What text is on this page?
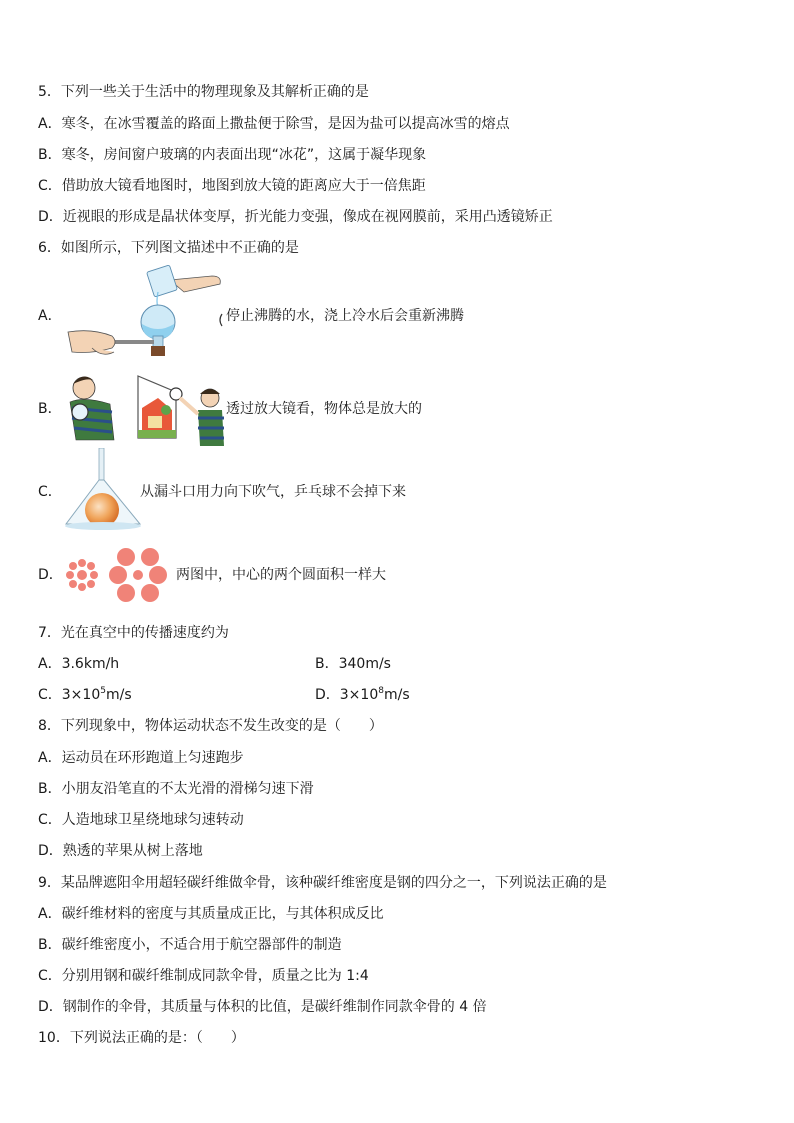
5．下列一些关于生活中的物理现象及其解析正确的是
A．寒冬，在冰雪覆盖的路面上撒盐便于除雪，是因为盐可以提高冰雪的熔点
B．寒冬，房间窗户玻璃的内表面出现“冰花”，这属于凝华现象
C．借助放大镜看地图时，地图到放大镜的距离应大于一倍焦距
D．近视眼的形成是晶状体变厚，折光能力变强，像成在视网膜前，采用凸透镜矫正
6．如图所示，下列图文描述中不正确的是
A．	停止沸腾的水，浇上冷水后会重新沸腾
B．	透过放大镜看，物体总是放大的
C．	从漏斗口用力向下吹气，乒乓球不会掉下来
D．	两图中，中心的两个圆面积一样大
7．光在真空中的传播速度约为
A．3.6km/h	B．340m/s
C．$3\times 10^5m/s$	D．$3\times 10^8m/s$
8．下列现象中，物体运动状态不发生改变的是（　　）
A．运动员在环形跑道上匀速跑步
B．小朋友沿笔直的不太光滑的滑梯匀速下滑
C．人造地球卫星绕地球匀速转动
D．熟透的苹果从树上落地
9．某品牌遮阳伞用超轻碳纤维做伞骨，该种碳纤维密度是钢的四分之一，下列说法正确的是
A．碳纤维材料的密度与其质量成正比，与其体积成反比
B．碳纤维密度小，不适合用于航空器部件的制造
C．分别用钢和碳纤维制成同款伞骨，质量之比为 1:4
D．钢制作的伞骨，其质量与体积的比值，是碳纤维制作同款伞骨的 4 倍
10．下列说法正确的是：（　　）
